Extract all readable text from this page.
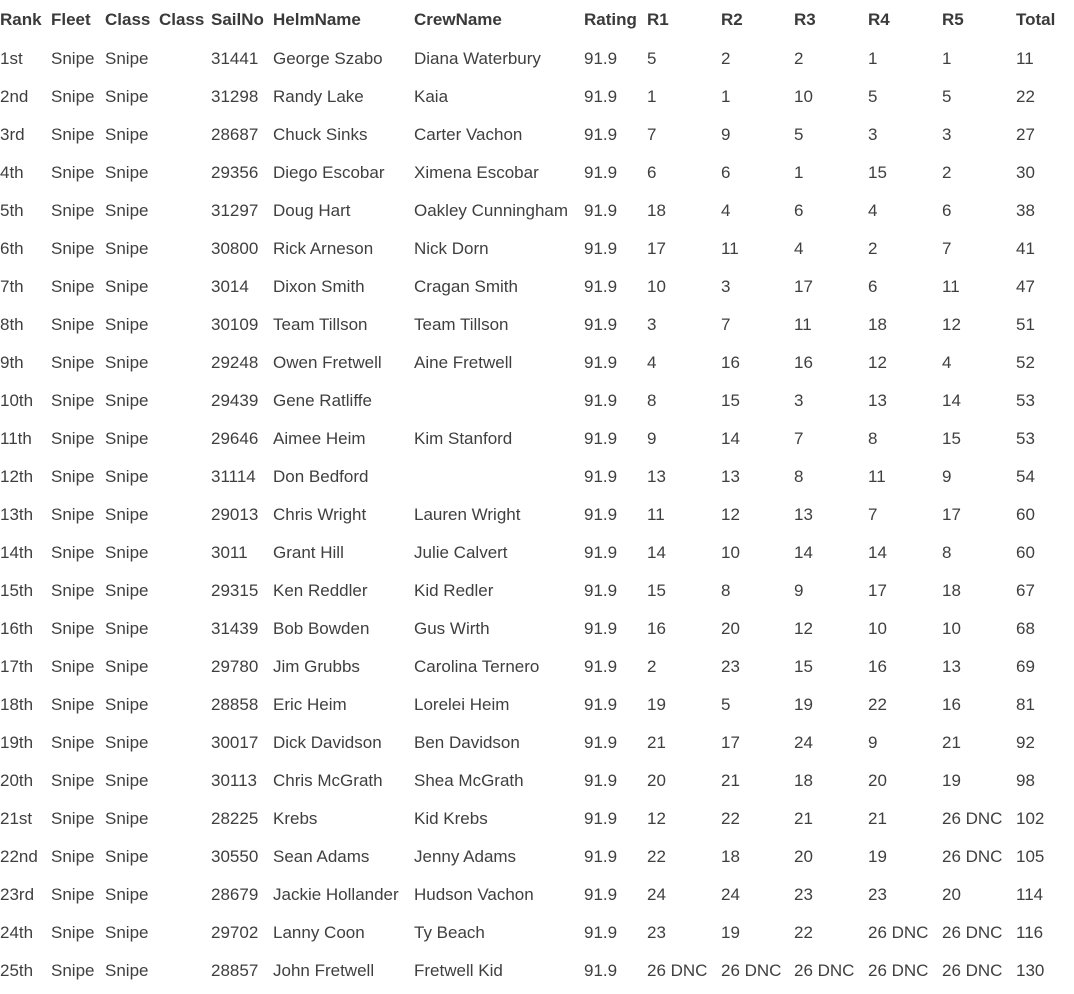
Rank	Fleet	Class	Class	SailNo	HelmName	CrewName	Rating	R1	R2	R3	R4	R5	Total
1st	Snipe	Snipe		31441	George Szabo	Diana Waterbury	91.9	5	2	2	1	1	11
2nd	Snipe	Snipe		31298	Randy Lake	Kaia	91.9	1	1	10	5	5	22
3rd	Snipe	Snipe		28687	Chuck Sinks	Carter Vachon	91.9	7	9	5	3	3	27
4th	Snipe	Snipe		29356	Diego Escobar	Ximena Escobar	91.9	6	6	1	15	2	30
5th	Snipe	Snipe		31297	Doug Hart	Oakley Cunningham	91.9	18	4	6	4	6	38
6th	Snipe	Snipe		30800	Rick Arneson	Nick Dorn	91.9	17	11	4	2	7	41
7th	Snipe	Snipe		3014	Dixon Smith	Cragan Smith	91.9	10	3	17	6	11	47
8th	Snipe	Snipe		30109	Team Tillson	Team Tillson	91.9	3	7	11	18	12	51
9th	Snipe	Snipe		29248	Owen Fretwell	Aine Fretwell	91.9	4	16	16	12	4	52
10th	Snipe	Snipe		29439	Gene Ratliffe		91.9	8	15	3	13	14	53
11th	Snipe	Snipe		29646	Aimee Heim	Kim Stanford	91.9	9	14	7	8	15	53
12th	Snipe	Snipe		31114	Don Bedford		91.9	13	13	8	11	9	54
13th	Snipe	Snipe		29013	Chris Wright	Lauren Wright	91.9	11	12	13	7	17	60
14th	Snipe	Snipe		3011	Grant Hill	Julie Calvert	91.9	14	10	14	14	8	60
15th	Snipe	Snipe		29315	Ken Reddler	Kid Redler	91.9	15	8	9	17	18	67
16th	Snipe	Snipe		31439	Bob Bowden	Gus Wirth	91.9	16	20	12	10	10	68
17th	Snipe	Snipe		29780	Jim Grubbs	Carolina Ternero	91.9	2	23	15	16	13	69
18th	Snipe	Snipe		28858	Eric Heim	Lorelei Heim	91.9	19	5	19	22	16	81
19th	Snipe	Snipe		30017	Dick Davidson	Ben Davidson	91.9	21	17	24	9	21	92
20th	Snipe	Snipe		30113	Chris McGrath	Shea McGrath	91.9	20	21	18	20	19	98
21st	Snipe	Snipe		28225	Krebs	Kid Krebs	91.9	12	22	21	21	26 DNC	102
22nd	Snipe	Snipe		30550	Sean Adams	Jenny Adams	91.9	22	18	20	19	26 DNC	105
23rd	Snipe	Snipe		28679	Jackie Hollander	Hudson Vachon	91.9	24	24	23	23	20	114
24th	Snipe	Snipe		29702	Lanny Coon	Ty Beach	91.9	23	19	22	26 DNC	26 DNC	116
25th	Snipe	Snipe		28857	John Fretwell	Fretwell Kid	91.9	26 DNC	26 DNC	26 DNC	26 DNC	26 DNC	130
